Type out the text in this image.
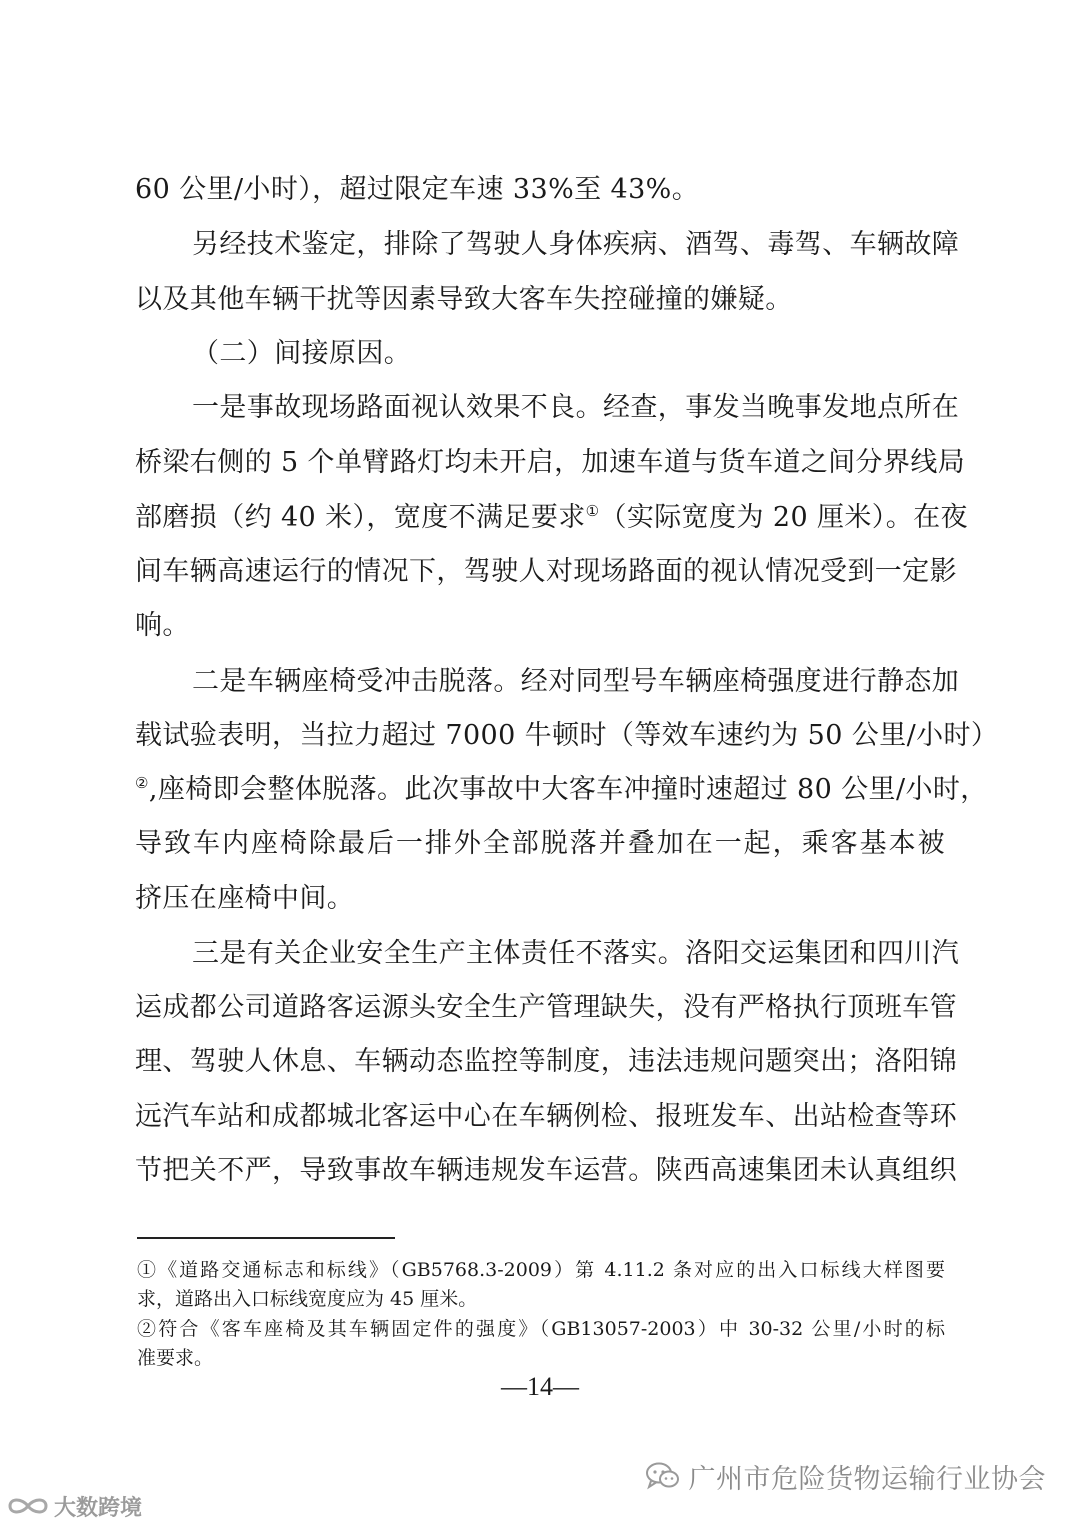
60 公里/小时），超过限定车速 33%至 43%。
另经技术鉴定，排除了驾驶人身体疾病、酒驾、毒驾、车辆故障
以及其他车辆干扰等因素导致大客车失控碰撞的嫌疑。
（二）间接原因。
一是事故现场路面视认效果不良。经查，事发当晚事发地点所在
桥梁右侧的 5 个单臂路灯均未开启，加速车道与货车道之间分界线局
部磨损（约 40 米），宽度不满足要求①（实际宽度为 20 厘米）。在夜
间车辆高速运行的情况下，驾驶人对现场路面的视认情况受到一定影
响。
二是车辆座椅受冲击脱落。经对同型号车辆座椅强度进行静态加
载试验表明，当拉力超过 7000 牛顿时（等效车速约为 50 公里/小时）
②,座椅即会整体脱落。此次事故中大客车冲撞时速超过 80 公里/小时，
导致车内座椅除最后一排外全部脱落并叠加在一起，乘客基本被
挤压在座椅中间。
三是有关企业安全生产主体责任不落实。洛阳交运集团和四川汽
运成都公司道路客运源头安全生产管理缺失，没有严格执行顶班车管
理、驾驶人休息、车辆动态监控等制度，违法违规问题突出；洛阳锦
远汽车站和成都城北客运中心在车辆例检、报班发车、出站检查等环
节把关不严，导致事故车辆违规发车运营。陕西高速集团未认真组织
①《道路交通标志和标线》（GB5768.3-2009）第 4.11.2 条对应的出入口标线大样图要
求，道路出入口标线宽度应为 45 厘米。
②符合《客车座椅及其车辆固定件的强度》（GB13057-2003）中 30-32 公里/小时的标
准要求。
—14—
广州市危险货物运输行业协会
大数跨境
